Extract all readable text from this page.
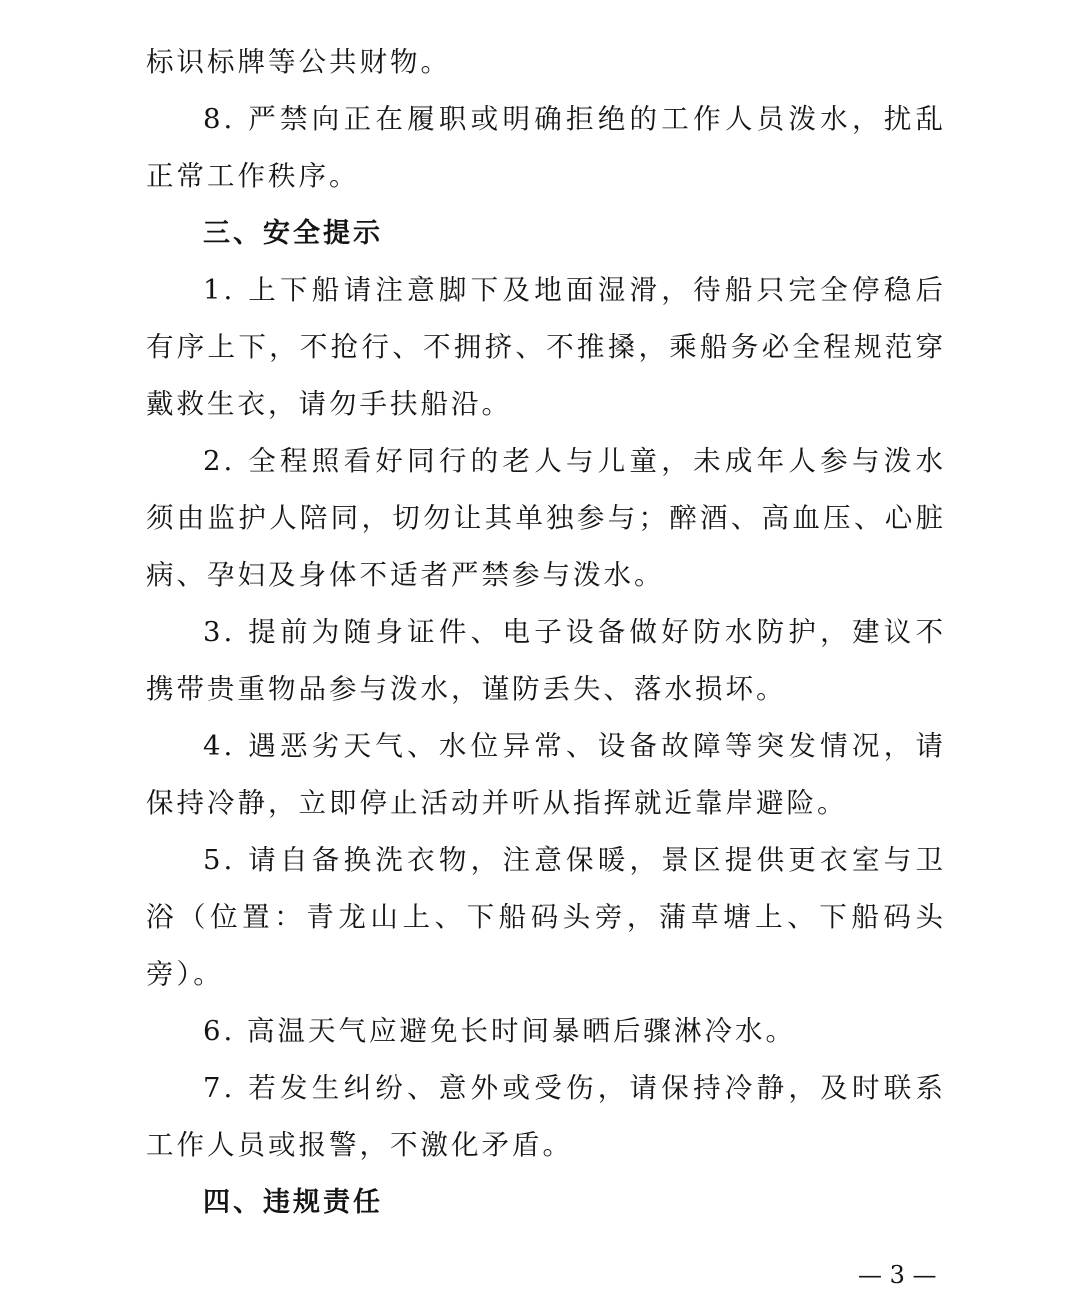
标识标牌等公共财物。

8. 严禁向正在履职或明确拒绝的工作人员泼水，扰乱正常工作秩序。

三、安全提示

1. 上下船请注意脚下及地面湿滑，待船只完全停稳后有序上下，不抢行、不拥挤、不推搡，乘船务必全程规范穿戴救生衣，请勿手扶船沿。

2. 全程照看好同行的老人与儿童，未成年人参与泼水须由监护人陪同，切勿让其单独参与；醉酒、高血压、心脏病、孕妇及身体不适者严禁参与泼水。

3. 提前为随身证件、电子设备做好防水防护，建议不携带贵重物品参与泼水，谨防丢失、落水损坏。

4. 遇恶劣天气、水位异常、设备故障等突发情况，请保持冷静，立即停止活动并听从指挥就近靠岸避险。

5. 请自备换洗衣物，注意保暖，景区提供更衣室与卫浴（位置：青龙山上、下船码头旁，蒲草塘上、下船码头旁）。

6. 高温天气应避免长时间暴晒后骤淋冷水。

7. 若发生纠纷、意外或受伤，请保持冷静，及时联系工作人员或报警，不激化矛盾。

四、违规责任

— 3 —
